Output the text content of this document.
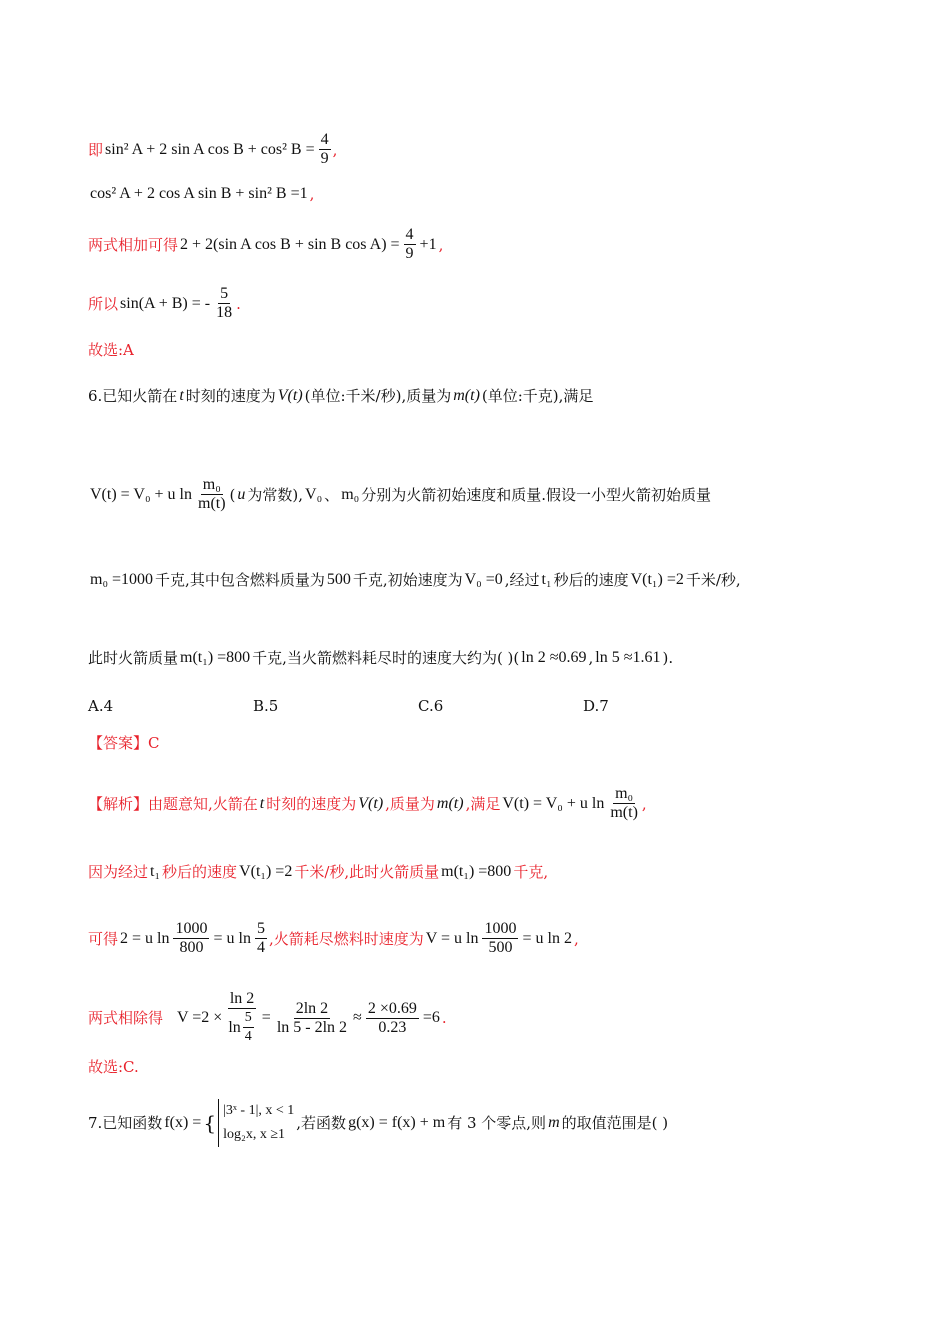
即 sin² A + 2 sin A cos B + cos² $B = \frac{4}{9}$ ,
cos² A + 2 cos A sin B + sin² B =1 ,
两式相加可得 2 + 2(sin A cos B + sin B $\cos A) = \frac{4}{9} +1$ ,
所以 sin(A + B) = - $\frac{5}{18}$ .
故选:A
6.已知火箭在 t 时刻的速度为 V(t) (单位:千米/秒),质量为 m(t) (单位:千克),满足
V(t) = V₀ + u $\ln \frac{\text{m₀}}{m(t)}$ ( u 为常数), V₀ 、 m₀ 分别为火箭初始速度和质量.假设一小型火箭初始质量
m₀ =1000 千克,其中包含燃料质量为 500 千克,初始速度为 V₀ =0 ,经过 t₁ 秒后的速度 V(t₁) =2 千米/秒,
此时火箭质量 m(t₁) =800 千克,当火箭燃料耗尽时的速度大约为( )( ln 2 ≈0.69 , ln 5 ≈1.61 ).
A.4	B.5	C.6	D.7
【答案】C
【解析】 由题意知,火箭在 t 时刻的速度为 V(t) ,质量为 m(t) ,满足 V(t) = V₀ + u $\ln \frac{\text{m₀}}{m(t)}$ ,
因为经过 t₁ 秒后的速度 V(t₁) =2 千米/秒,此时火箭质量 m(t₁) =800 千克,
可得 2 = u $\ln \frac{1000}{800} = u$ $\ln \frac{5}{4}$ ,火箭耗尽燃料时速度为 V = u $\ln \frac{1000}{500} = u$ ln 2 ,
两式相除得 $V =2 \times \frac{\ln 2}{\ln \frac{5}{4}} = \frac{2\ln 2}{\ln 5 - 2\ln 2} \approx \frac{2 \times 0.69}{0.23} =6$ .
故选:C.
7.已知函数 f(x) = {
|3ˣ - 1|, x < 1
log₂x, x ≥1
,若函数 g(x) = f(x) + m 有 3 个零点,则 m 的取值范围是( )
